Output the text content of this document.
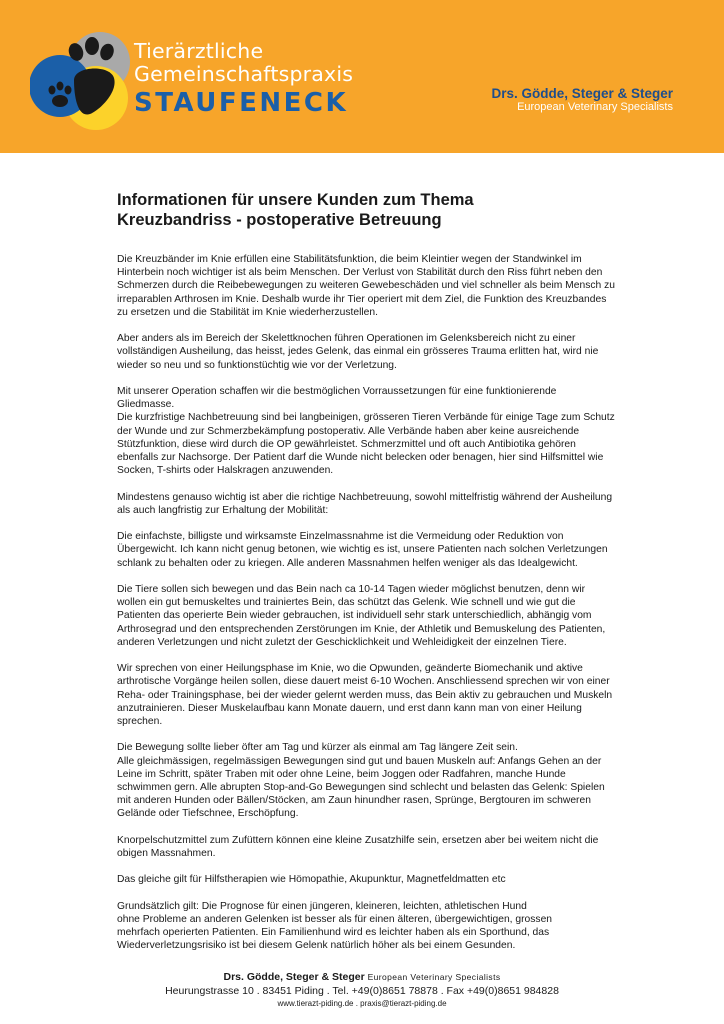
Tierärztliche
Gemeinschaftspraxis
STAUFENECK	Drs. Gödde, Steger & Steger
European Veterinary Specialists
Informationen für unsere Kunden zum Thema
Kreuzbandriss - postoperative Betreuung

Die Kreuzbänder im Knie erfüllen eine Stabilitätsfunktion, die beim Kleintier wegen der Standwinkel im
Hinterbein noch wichtiger ist als beim Menschen. Der Verlust von Stabilität durch den Riss führt neben den
Schmerzen durch die Reibebewegungen zu weiteren Gewebeschäden und viel schneller als beim Mensch zu
irreparablen Arthrosen im Knie. Deshalb wurde ihr Tier operiert mit dem Ziel, die Funktion des Kreuzbandes
zu ersetzen und die Stabilität im Knie wiederherzustellen.

Aber anders als im Bereich der Skelettknochen führen Operationen im Gelenksbereich nicht zu einer
vollständigen Ausheilung, das heisst, jedes Gelenk, das einmal ein grösseres Trauma erlitten hat, wird nie
wieder so neu und so funktionstüchtig wie vor der Verletzung.

Mit unserer Operation schaffen wir die bestmöglichen Vorraussetzungen für eine funktionierende
Gliedmasse.
Die kurzfristige Nachbetreuung sind bei langbeinigen, grösseren Tieren Verbände für einige Tage zum Schutz
der Wunde und zur Schmerzbekämpfung postoperativ. Alle Verbände haben aber keine ausreichende
Stützfunktion, diese wird durch die OP gewährleistet. Schmerzmittel und oft auch Antibiotika gehören
ebenfalls zur Nachsorge. Der Patient darf die Wunde nicht belecken oder benagen, hier sind Hilfsmittel wie
Socken, T-shirts oder Halskragen anzuwenden.

Mindestens genauso wichtig ist aber die richtige Nachbetreuung, sowohl mittelfristig während der Ausheilung
als auch langfristig zur Erhaltung der Mobilität:

Die einfachste, billigste und wirksamste Einzelmassnahme ist die Vermeidung oder Reduktion von
Übergewicht. Ich kann nicht genug betonen, wie wichtig es ist, unsere Patienten nach solchen Verletzungen
schlank zu behalten oder zu kriegen. Alle anderen Massnahmen helfen weniger als das Idealgewicht.

Die Tiere sollen sich bewegen und das Bein nach ca 10-14 Tagen wieder möglichst benutzen, denn wir
wollen ein gut bemuskeltes und trainiertes Bein, das schützt das Gelenk. Wie schnell und wie gut die
Patienten das operierte Bein wieder gebrauchen, ist individuell sehr stark unterschiedlich, abhängig vom
Arthrosegrad und den entsprechenden Zerstörungen im Knie, der Athletik und Bemuskelung des Patienten,
anderen Verletzungen und nicht zuletzt der Geschicklichkeit und Wehleidigkeit der einzelnen Tiere.

Wir sprechen von einer Heilungsphase im Knie, wo die Opwunden, geänderte Biomechanik und aktive
arthrotische Vorgänge heilen sollen, diese dauert meist 6-10 Wochen. Anschliessend sprechen wir von einer
Reha- oder Trainingsphase, bei der wieder gelernt werden muss, das Bein aktiv zu gebrauchen und Muskeln
anzutrainieren. Dieser Muskelaufbau kann Monate dauern, und erst dann kann man von einer Heilung
sprechen.

Die Bewegung sollte lieber öfter am Tag und kürzer als einmal am Tag längere Zeit sein.
Alle gleichmässigen, regelmässigen Bewegungen sind gut und bauen Muskeln auf: Anfangs Gehen an der
Leine im Schritt, später Traben mit oder ohne Leine, beim Joggen oder Radfahren, manche Hunde
schwimmen gern. Alle abrupten Stop-and-Go Bewegungen sind schlecht und belasten das Gelenk: Spielen
mit anderen Hunden oder Bällen/Stöcken, am Zaun hinundher rasen, Sprünge, Bergtouren im schweren
Gelände oder Tiefschnee, Erschöpfung.

Knorpelschutzmittel zum Zufüttern können eine kleine Zusatzhilfe sein, ersetzen aber bei weitem nicht die
obigen Massnahmen.

Das gleiche gilt für Hilfstherapien wie Hömopathie, Akupunktur, Magnetfeldmatten etc

Grundsätzlich gilt: Die Prognose für einen jüngeren, kleineren, leichten, athletischen Hund
ohne Probleme an anderen Gelenken ist besser als für einen älteren, übergewichtigen, grossen
mehrfach operierten Patienten. Ein Familienhund wird es leichter haben als ein Sporthund, das
Wiederverletzungsrisiko ist bei diesem Gelenk natürlich höher als bei einem Gesunden.

Drs. Gödde, Steger & Steger European Veterinary Specialists
Heurungstrasse 10 . 83451 Piding . Tel. +49(0)8651 78878 . Fax +49(0)8651 984828
www.tierazt-piding.de . praxis@tierazt-piding.de
